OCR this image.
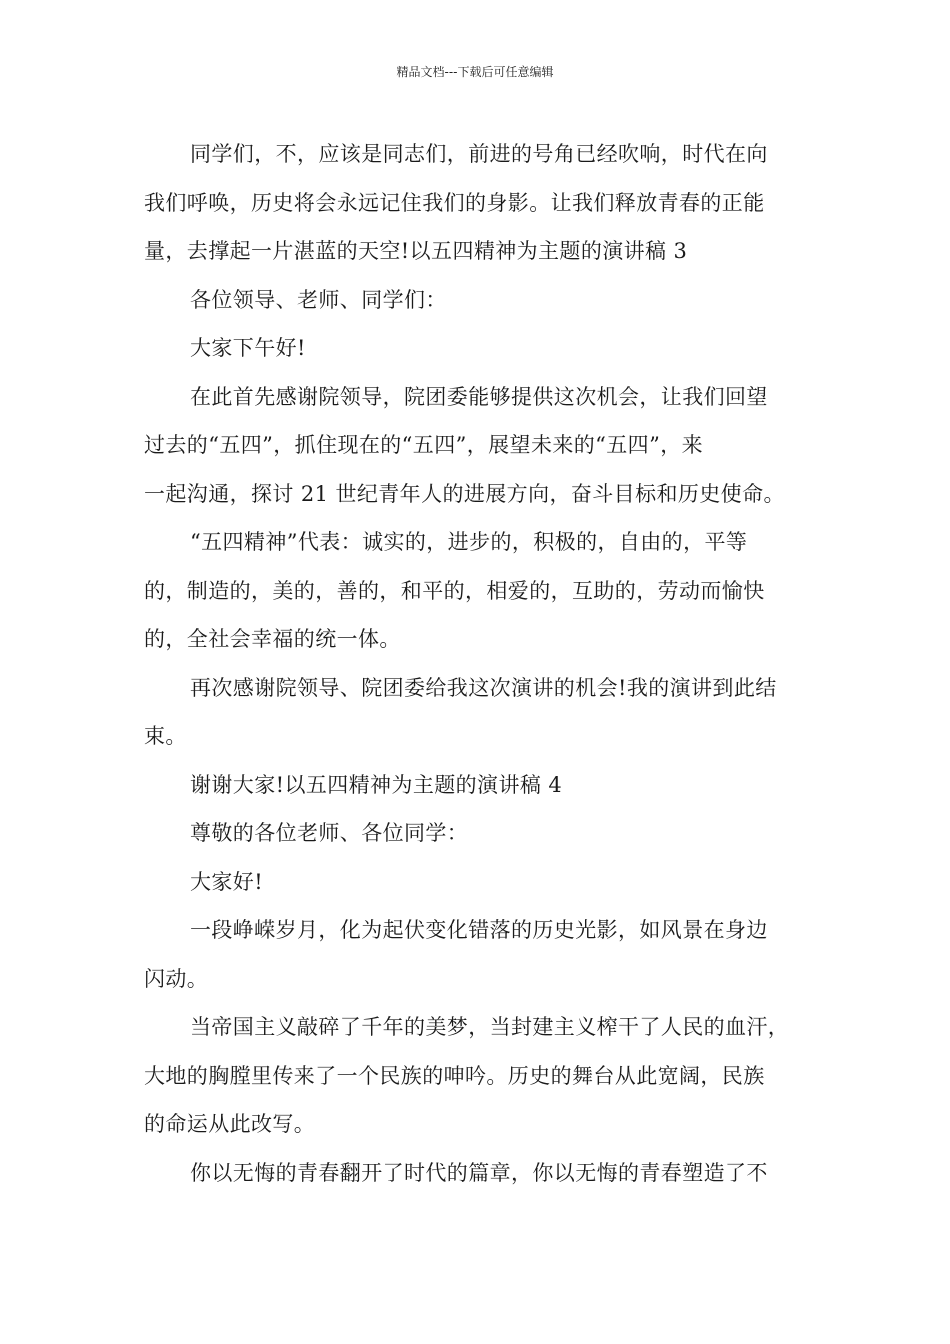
精品文档---下载后可任意编辑

同学们，不，应该是同志们，前进的号角已经吹响，时代在向

我们呼唤，历史将会永远记住我们的身影。让我们释放青春的正能

量，去撑起一片湛蓝的天空!以五四精神为主题的演讲稿 3

各位领导、老师、同学们：

大家下午好!

在此首先感谢院领导，院团委能够提供这次机会，让我们回望

过去的“五四”，抓住现在的“五四”，展望未来的“五四”，来

一起沟通，探讨 21 世纪青年人的进展方向，奋斗目标和历史使命。

“五四精神”代表：诚实的，进步的，积极的，自由的，平等

的，制造的，美的，善的，和平的，相爱的，互助的，劳动而愉快

的，全社会幸福的统一体。

再次感谢院领导、院团委给我这次演讲的机会!我的演讲到此结

束。

谢谢大家!以五四精神为主题的演讲稿 4

尊敬的各位老师、各位同学：

大家好!

一段峥嵘岁月，化为起伏变化错落的历史光影，如风景在身边

闪动。

当帝国主义敲碎了千年的美梦，当封建主义榨干了人民的血汗，

大地的胸膛里传来了一个民族的呻吟。历史的舞台从此宽阔，民族

的命运从此改写。

你以无悔的青春翻开了时代的篇章，你以无悔的青春塑造了不
